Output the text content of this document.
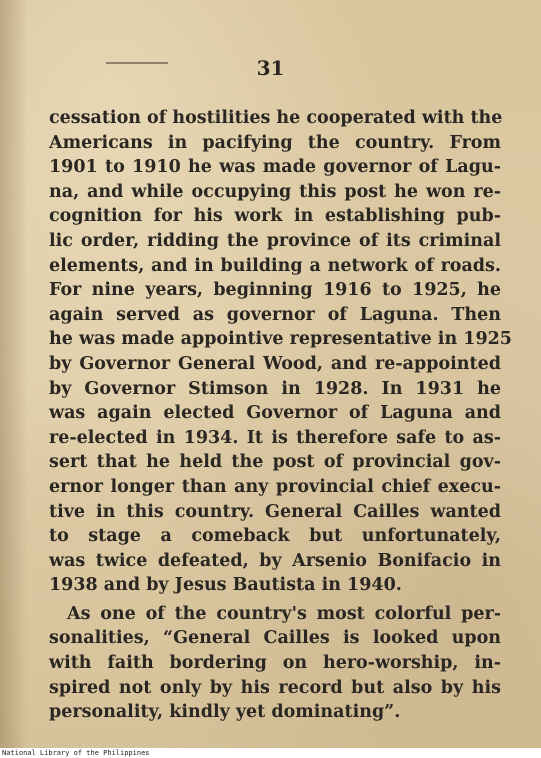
31
cessation of hostilities he cooperated with the
Americans in pacifying the country. From
1901 to 1910 he was made governor of Lagu-
na, and while occupying this post he won re-
cognition for his work in establishing pub-
lic order, ridding the province of its criminal
elements, and in building a network of roads.
For nine years, beginning 1916 to 1925, he
again served as governor of Laguna. Then
he was made appointive representative in 1925
by Governor General Wood, and re-appointed
by Governor Stimson in 1928. In 1931 he
was again elected Governor of Laguna and
re-elected in 1934. It is therefore safe to as-
sert that he held the post of provincial gov-
ernor longer than any provincial chief execu-
tive in this country. General Cailles wanted
to stage a comeback but unfortunately,
was twice defeated, by Arsenio Bonifacio in
1938 and by Jesus Bautista in 1940.
As one of the country's most colorful per-
sonalities, “General Cailles is looked upon
with faith bordering on hero-worship, in-
spired not only by his record but also by his
personality, kindly yet dominating”.
National Library of the Philippines
